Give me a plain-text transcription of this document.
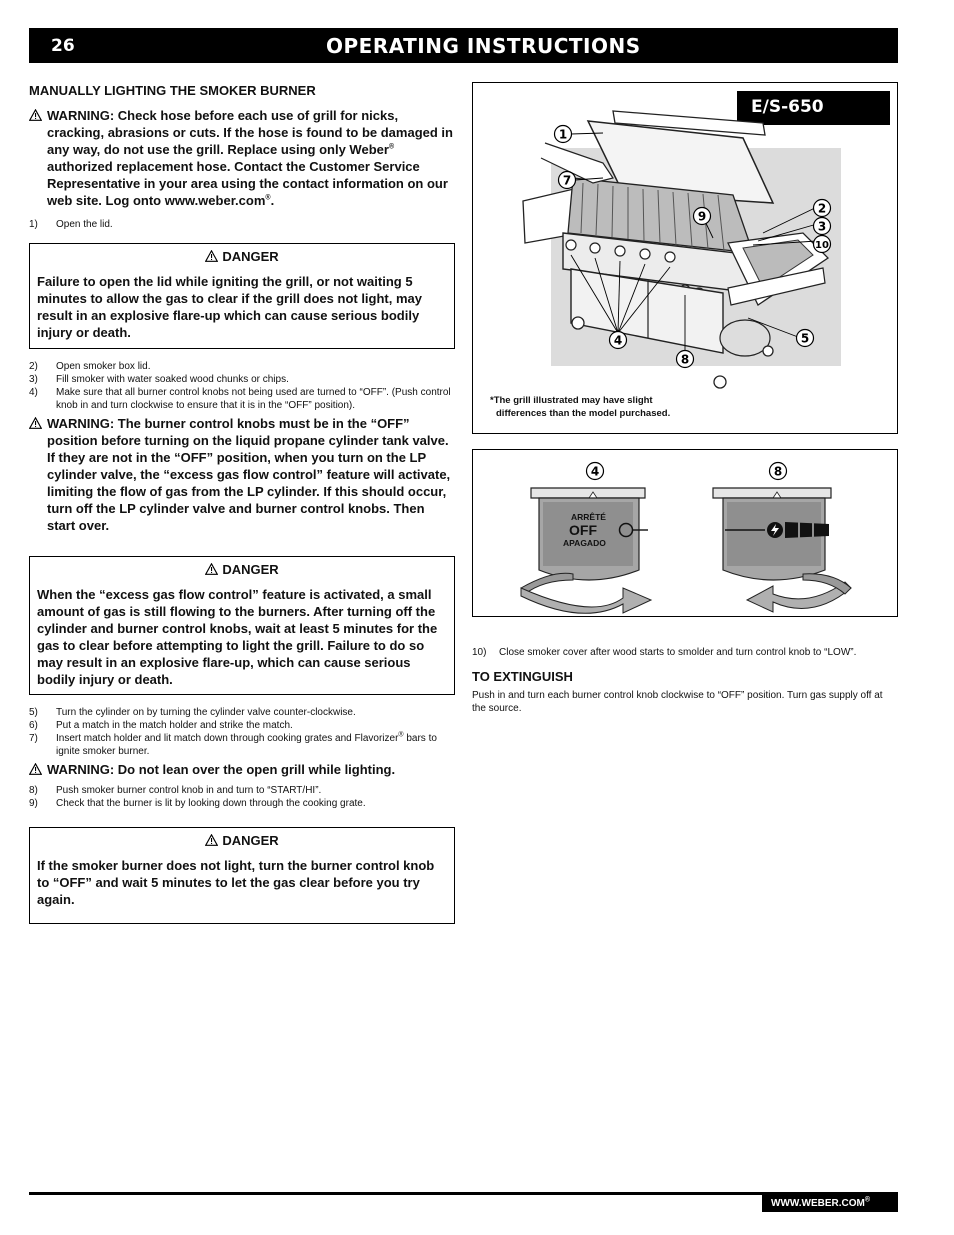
26	OPERATING INSTRUCTIONS
MANUALLY LIGHTING THE SMOKER BURNER
WARNING: Check hose before each use of grill for nicks, cracking, abrasions or cuts. If the hose is found to be damaged in any way, do not use the grill. Replace using only Weber® authorized replacement hose. Contact the Customer Service Representative in your area using the contact information on our web site. Log onto www.weber.com®.
1) Open the lid.
DANGER
Failure to open the lid while igniting the grill, or not waiting 5 minutes to allow the gas to clear if the grill does not light, may result in an explosive flare-up which can cause serious bodily injury or death.
2) Open smoker box lid.
3) Fill smoker with water soaked wood chunks or chips.
4) Make sure that all burner control knobs not being used are turned to “OFF”. (Push control knob in and turn clockwise to ensure that it is in the “OFF” position).
WARNING: The burner control knobs must be in the “OFF” position before turning on the liquid propane cylinder tank valve. If they are not in the “OFF” position, when you turn on the LP cylinder valve, the “excess gas flow control” feature will activate, limiting the flow of gas from the LP cylinder. If this should occur, turn off the LP cylinder valve and burner control knobs. Then start over.
DANGER
When the “excess gas flow control” feature is activated, a small amount of gas is still flowing to the burners. After turning off the cylinder and burner control knobs, wait at least 5 minutes for the gas to clear before attempting to light the grill. Failure to do so may result in an explosive flare-up, which can cause serious bodily injury or death.
5) Turn the cylinder on by turning the cylinder valve counter-clockwise.
6) Put a match in the match holder and strike the match.
7) Insert match holder and lit match down through cooking grates and Flavorizer® bars to ignite smoker burner.
WARNING: Do not lean over the open grill while lighting.
8) Push smoker burner control knob in and turn to “START/HI”.
9) Check that the burner is lit by looking down through the cooking grate.
DANGER
If the smoker burner does not light, turn the burner control knob to “OFF” and wait 5 minutes to let the gas clear before you try again.
E/S-650
1
7
9
2
3
10
4
8
5
*The grill illustrated may have slight
differences than the model purchased.
ARRÊTÉ
OFF
APAGADO
4	8
10) Close smoker cover after wood starts to smolder and turn control knob to “LOW”.
TO EXTINGUISH
Push in and turn each burner control knob clockwise to “OFF” position. Turn gas supply off at the source.
WWW.WEBER.COM®
